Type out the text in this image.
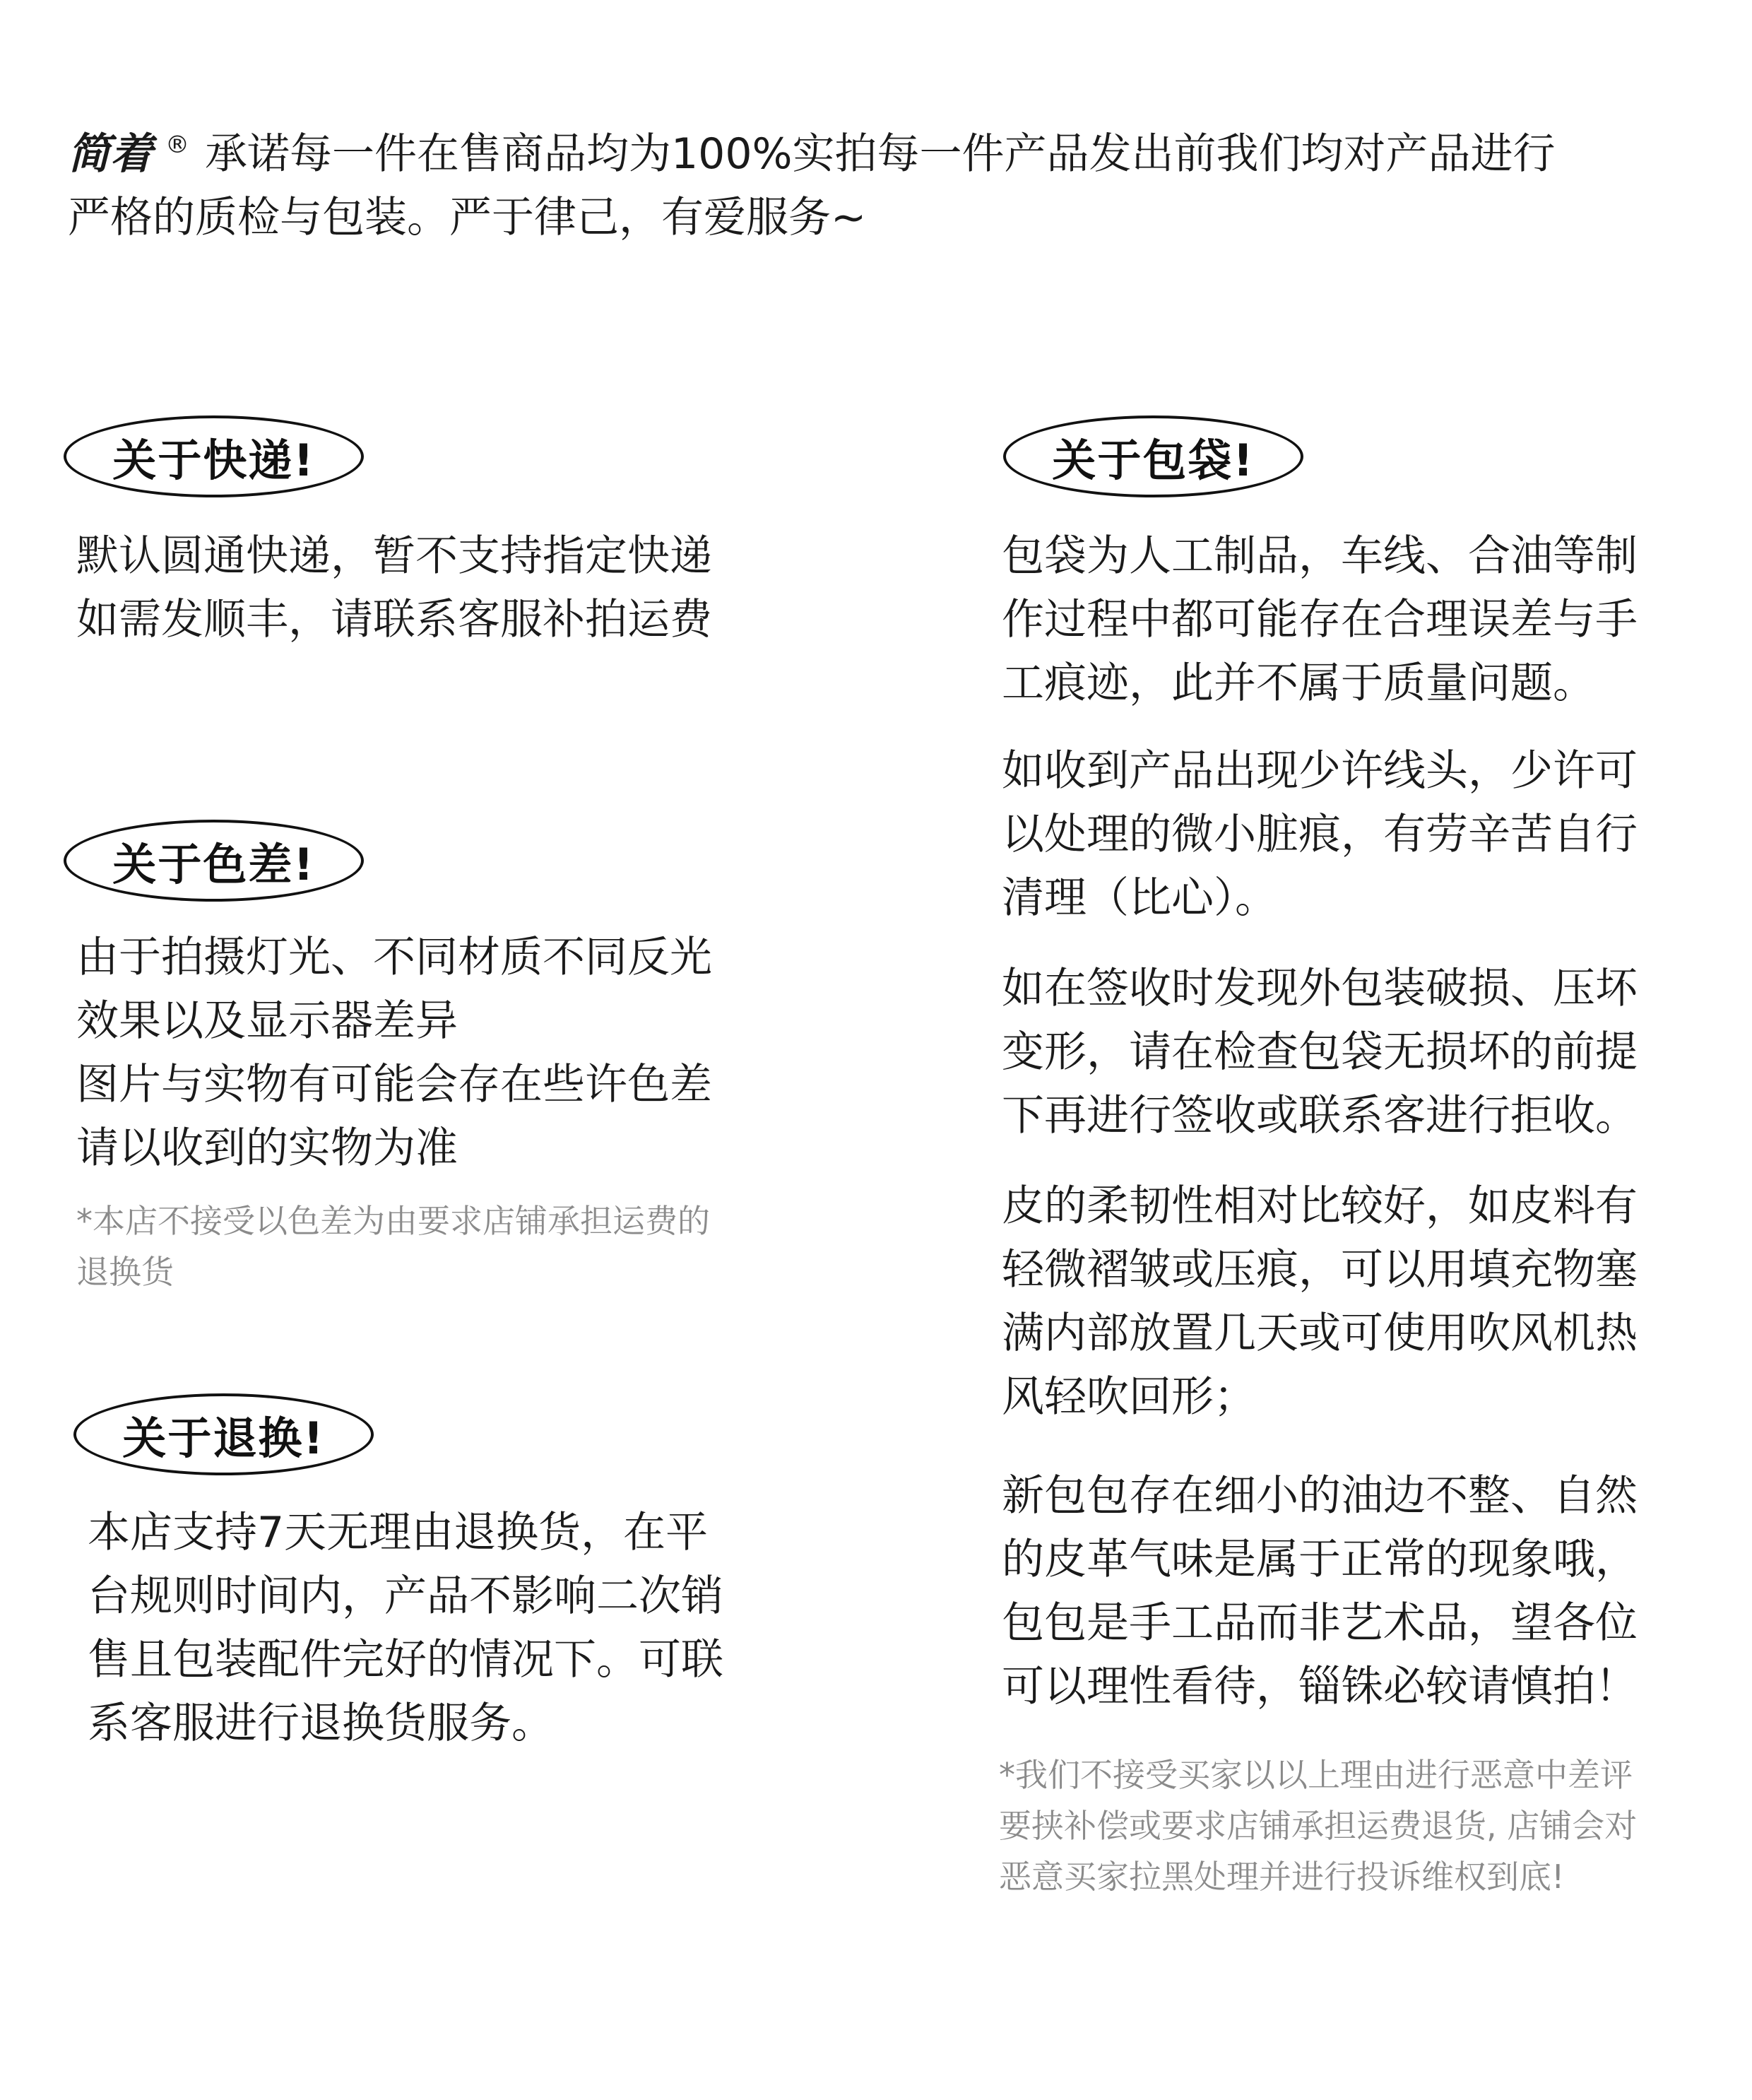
简着 ® 承诺每一件在售商品均为100%实拍每一件产品发出前我们均对产品进行
严格的质检与包装。严于律己，有爱服务~
关于快递!
默认圆通快递，暂不支持指定快递
如需发顺丰，请联系客服补拍运费
关于色差!
由于拍摄灯光、不同材质不同反光
效果以及显示器差异
图片与实物有可能会存在些许色差
请以收到的实物为准
*本店不接受以色差为由要求店铺承担运费的
退换货
关于退换!
本店支持7天无理由退换货，在平
台规则时间内，产品不影响二次销
售且包装配件完好的情况下。可联
系客服进行退换货服务。
关于包袋!
包袋为人工制品，车线、合油等制
作过程中都可能存在合理误差与手
工痕迹，此并不属于质量问题。
如收到产品出现少许线头，少许可
以处理的微小脏痕，有劳辛苦自行
清理（比心）。
如在签收时发现外包装破损、压坏
变形，请在检查包袋无损坏的前提
下再进行签收或联系客进行拒收。
皮的柔韧性相对比较好，如皮料有
轻微褶皱或压痕，可以用填充物塞
满内部放置几天或可使用吹风机热
风轻吹回形；
新包包存在细小的油边不整、自然
的皮革气味是属于正常的现象哦，
包包是手工品而非艺术品，望各位
可以理性看待，锱铢必较请慎拍！
*我们不接受买家以以上理由进行恶意中差评
要挟补偿或要求店铺承担运费退货, 店铺会对
恶意买家拉黑处理并进行投诉维权到底!
